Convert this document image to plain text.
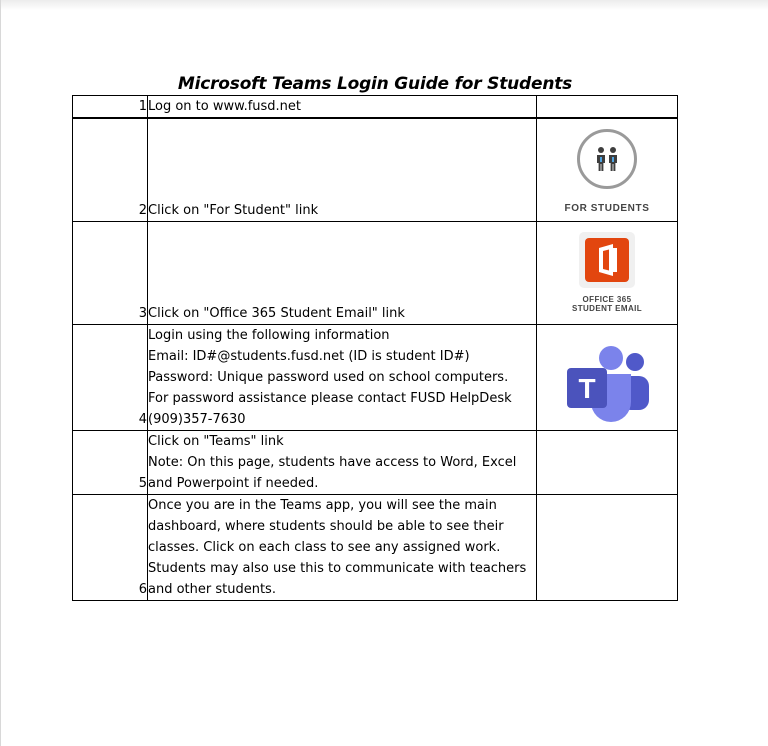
Microsoft Teams Login Guide for Students
1	Log on to www.fusd.net	

2	Click on "For Student" link	FOR STUDENTS

3	Click on "Office 365 Student Email" link	OFFICE 365
STUDENT EMAIL

4	Login using the following information
Email: ID#@students.fusd.net (ID is student ID#)
Password: Unique password used on school computers.
For password assistance please contact FUSD HelpDesk
(909)357-7630	T

5	Click on "Teams" link
Note: On this page, students have access to Word, Excel
and Powerpoint if needed.	

6	Once you are in the Teams app, you will see the main
dashboard, where students should be able to see their
classes. Click on each class to see any assigned work.
Students may also use this to communicate with teachers
and other students.	
